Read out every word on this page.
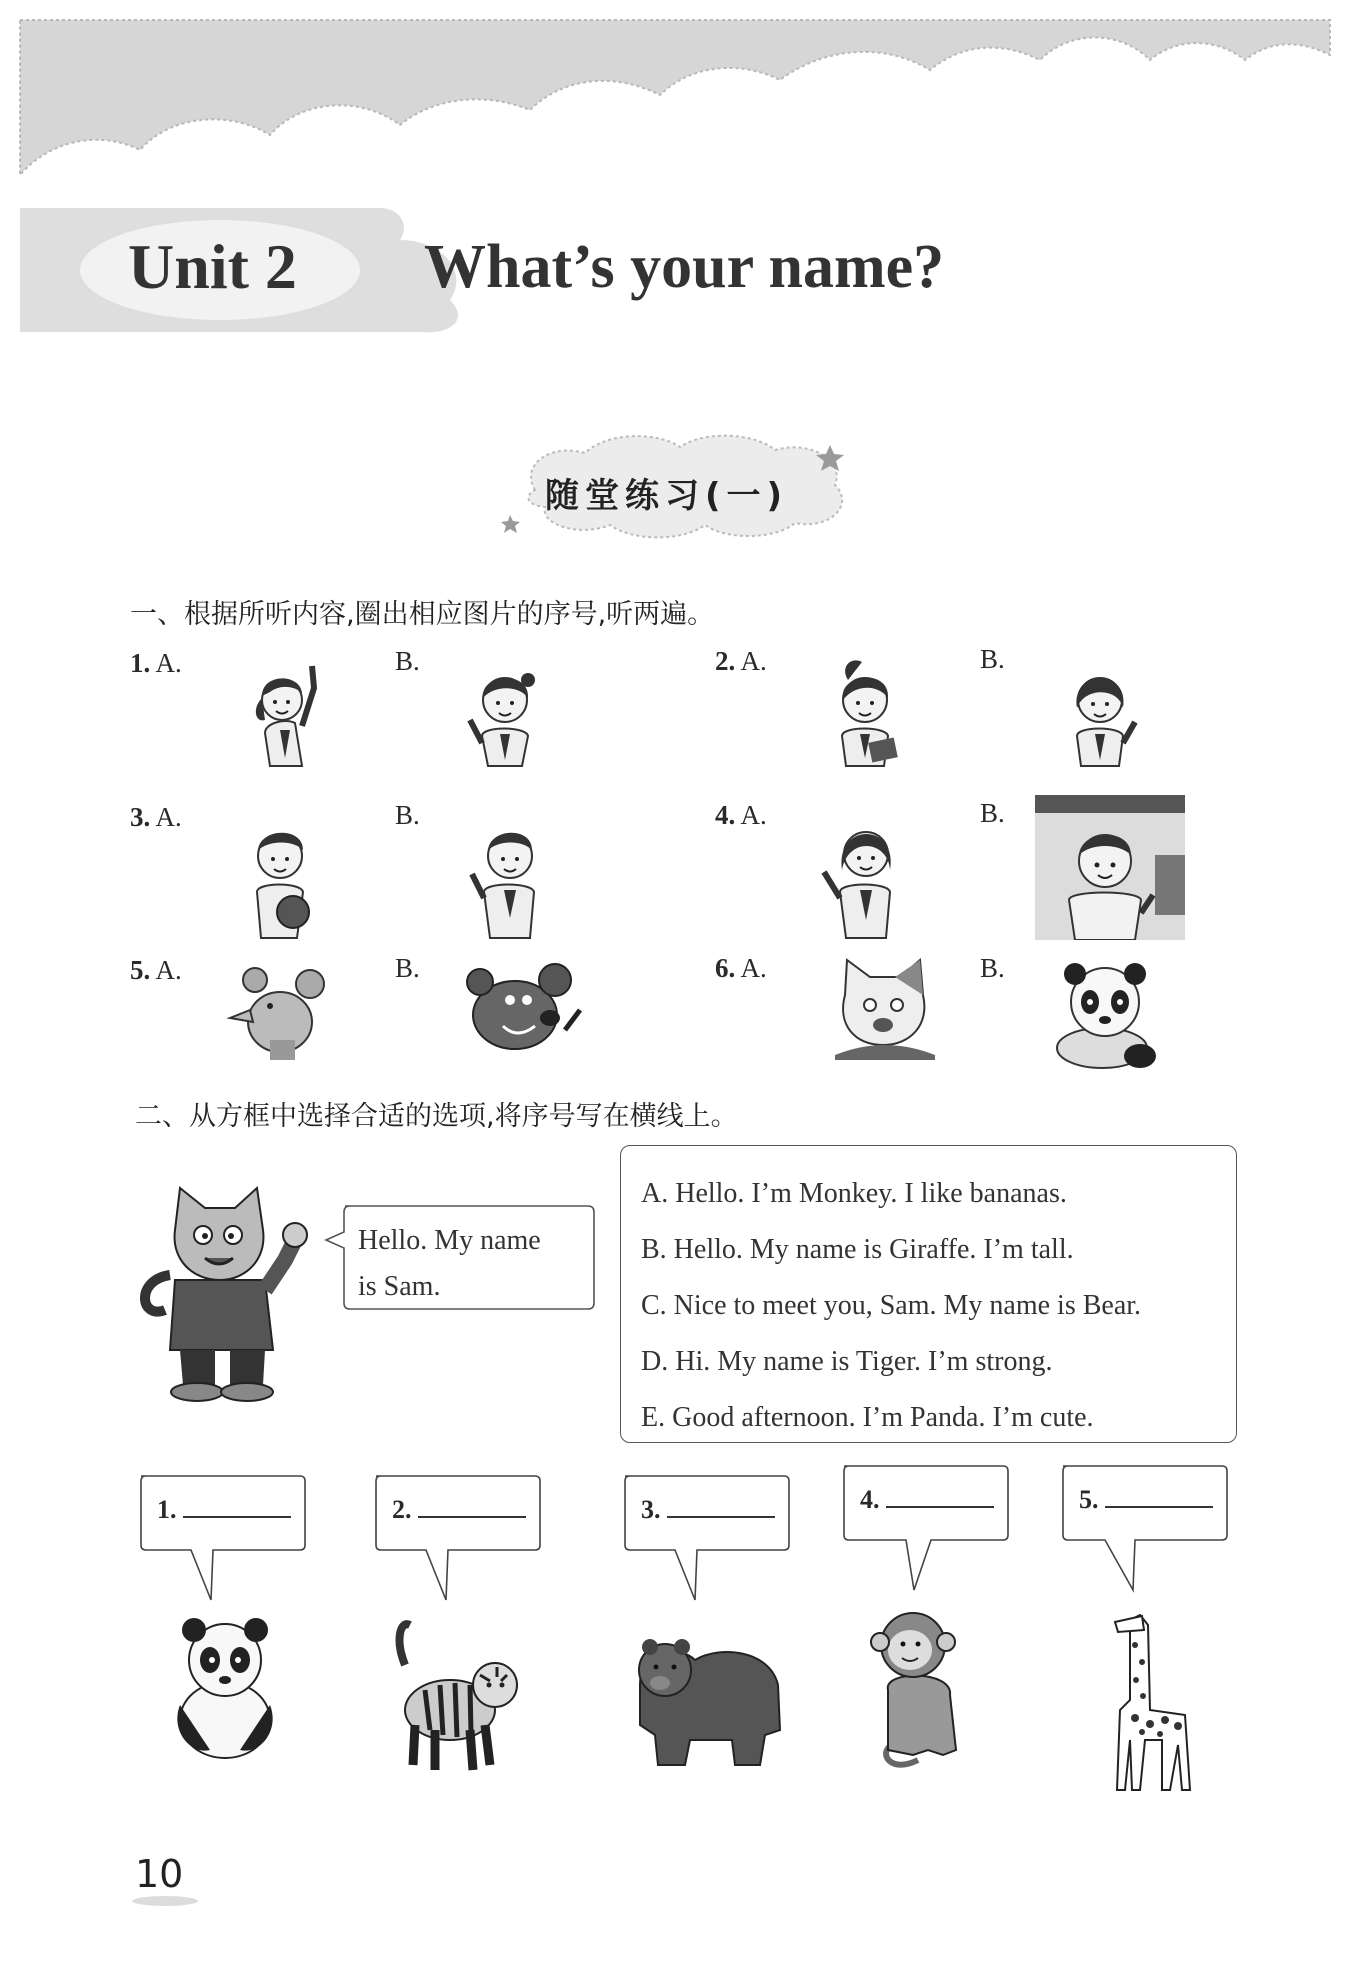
Unit 2 What’s your name?
随堂练习(一)
一、根据所听内容,圈出相应图片的序号,听两遍。
1. A.	B.	2. A.	B.
3. A.	B.	4. A.	B.
5. A.	B.	6. A.	B.
二、从方框中选择合适的选项,将序号写在横线上。
Hello. My name
is Sam.
A. Hello. I’m Monkey. I like bananas.
B. Hello. My name is Giraffe. I’m tall.
C. Nice to meet you, Sam. My name is Bear.
D. Hi. My name is Tiger. I’m strong.
E. Good afternoon. I’m Panda. I’m cute.
1.	2.	3.	4.	5.
10
